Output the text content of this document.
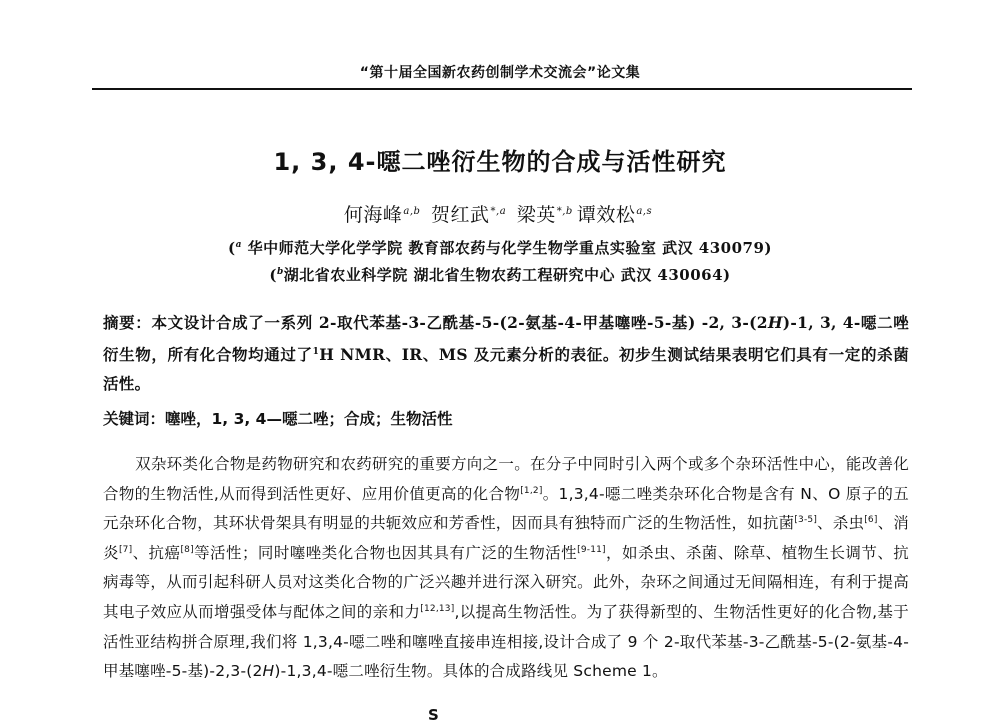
“第十届全国新农药创制学术交流会”论文集
1, 3, 4-噁二唑衍生物的合成与活性研究
何海峰$^{a,b}$ 贺红武$^{*,a}$ 梁英$^{*,b}$ 谭效松$^{a,s}$
($^a$ 华中师范大学化学学院 教育部农药与化学生物学重点实验室 武汉 430079)
($^b$湖北省农业科学院 湖北省生物农药工程研究中心 武汉 430064)
摘要：本文设计合成了一系列 2-取代苯基-3-乙酰基-5-(2-氨基-4-甲基噻唑-5-基) -2, 3-(2H)-1, 3, 4-噁二唑衍生物，所有化合物均通过了$^1$H NMR、IR、MS 及元素分析的表征。初步生测试结果表明它们具有一定的杀菌活性。
关键词：噻唑，1, 3, 4—噁二唑；合成；生物活性
双杂环类化合物是药物研究和农药研究的重要方向之一。在分子中同时引入两个或多个杂环活性中心，能改善化合物的生物活性,从而得到活性更好、应用价值更高的化合物[1,2]。1,3,4-噁二唑类杂环化合物是含有 N、O 原子的五元杂环化合物，其环状骨架具有明显的共轭效应和芳香性，因而具有独特而广泛的生物活性，如抗菌[3-5]、杀虫[6]、消炎[7]、抗癌[8]等活性；同时噻唑类化合物也因其具有广泛的生物活性[9-11]，如杀虫、杀菌、除草、植物生长调节、抗病毒等，从而引起科研人员对这类化合物的广泛兴趣并进行深入研究。此外，杂环之间通过无间隔相连，有利于提高其电子效应从而增强受体与配体之间的亲和力[12,13],以提高生物活性。为了获得新型的、生物活性更好的化合物,基于活性亚结构拼合原理,我们将 1,3,4-噁二唑和噻唑直接串连相接,设计合成了 9 个 2-取代苯基-3-乙酰基-5-(2-氨基-4-甲基噻唑-5-基)-2,3-(2H)-1,3,4-噁二唑衍生物。具体的合成路线见 Scheme 1。
S
